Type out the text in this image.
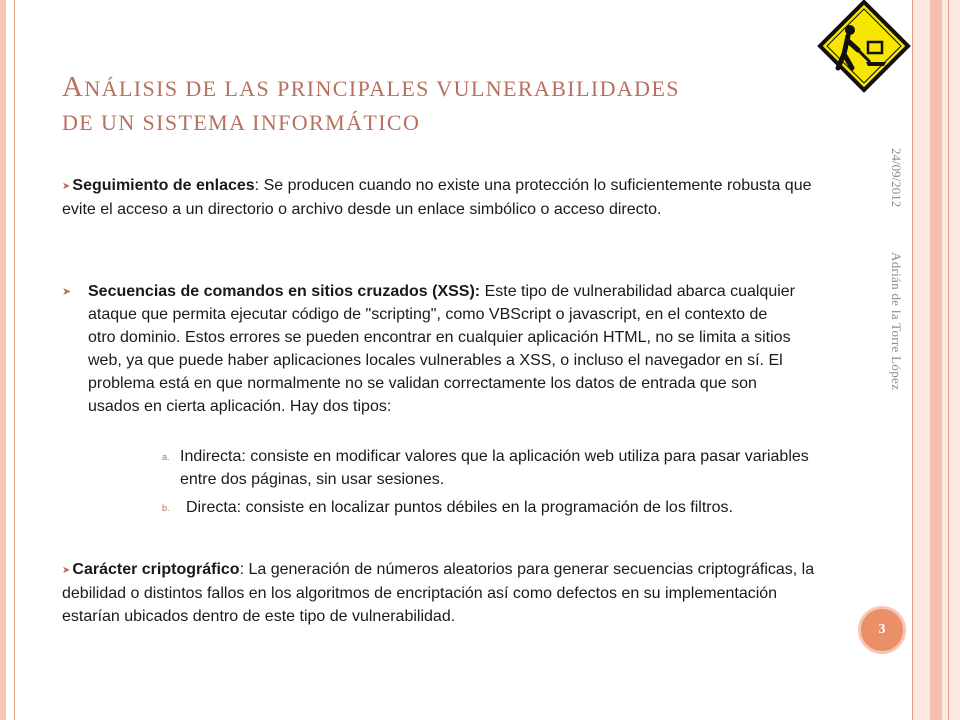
ANÁLISIS DE LAS PRINCIPALES VULNERABILIDADES
DE UN SISTEMA INFORMÁTICO
24/09/2012
Adrián de la Torre López
➤ Seguimiento de enlaces: Se producen cuando no existe una protección lo suficientemente robusta que evite el acceso a un directorio o archivo desde un enlace simbólico o acceso directo.
➤ Secuencias de comandos en sitios cruzados (XSS): Este tipo de vulnerabilidad abarca cualquier ataque que permita ejecutar código de "scripting", como VBScript o javascript, en el contexto de otro dominio. Estos errores se pueden encontrar en cualquier aplicación HTML, no se limita a sitios web, ya que puede haber aplicaciones locales vulnerables a XSS, o incluso el navegador en sí. El problema está en que normalmente no se validan correctamente los datos de entrada que son usados en cierta aplicación. Hay dos tipos:
a. Indirecta: consiste en modificar valores que la aplicación web utiliza para pasar variables entre dos páginas, sin usar sesiones.
b. Directa: consiste en localizar puntos débiles en la programación de los filtros.
➤ Carácter criptográfico: La generación de números aleatorios para generar secuencias criptográficas, la debilidad o distintos fallos en los algoritmos de encriptación así como defectos en su implementación estarían ubicados dentro de este tipo de vulnerabilidad.
3
